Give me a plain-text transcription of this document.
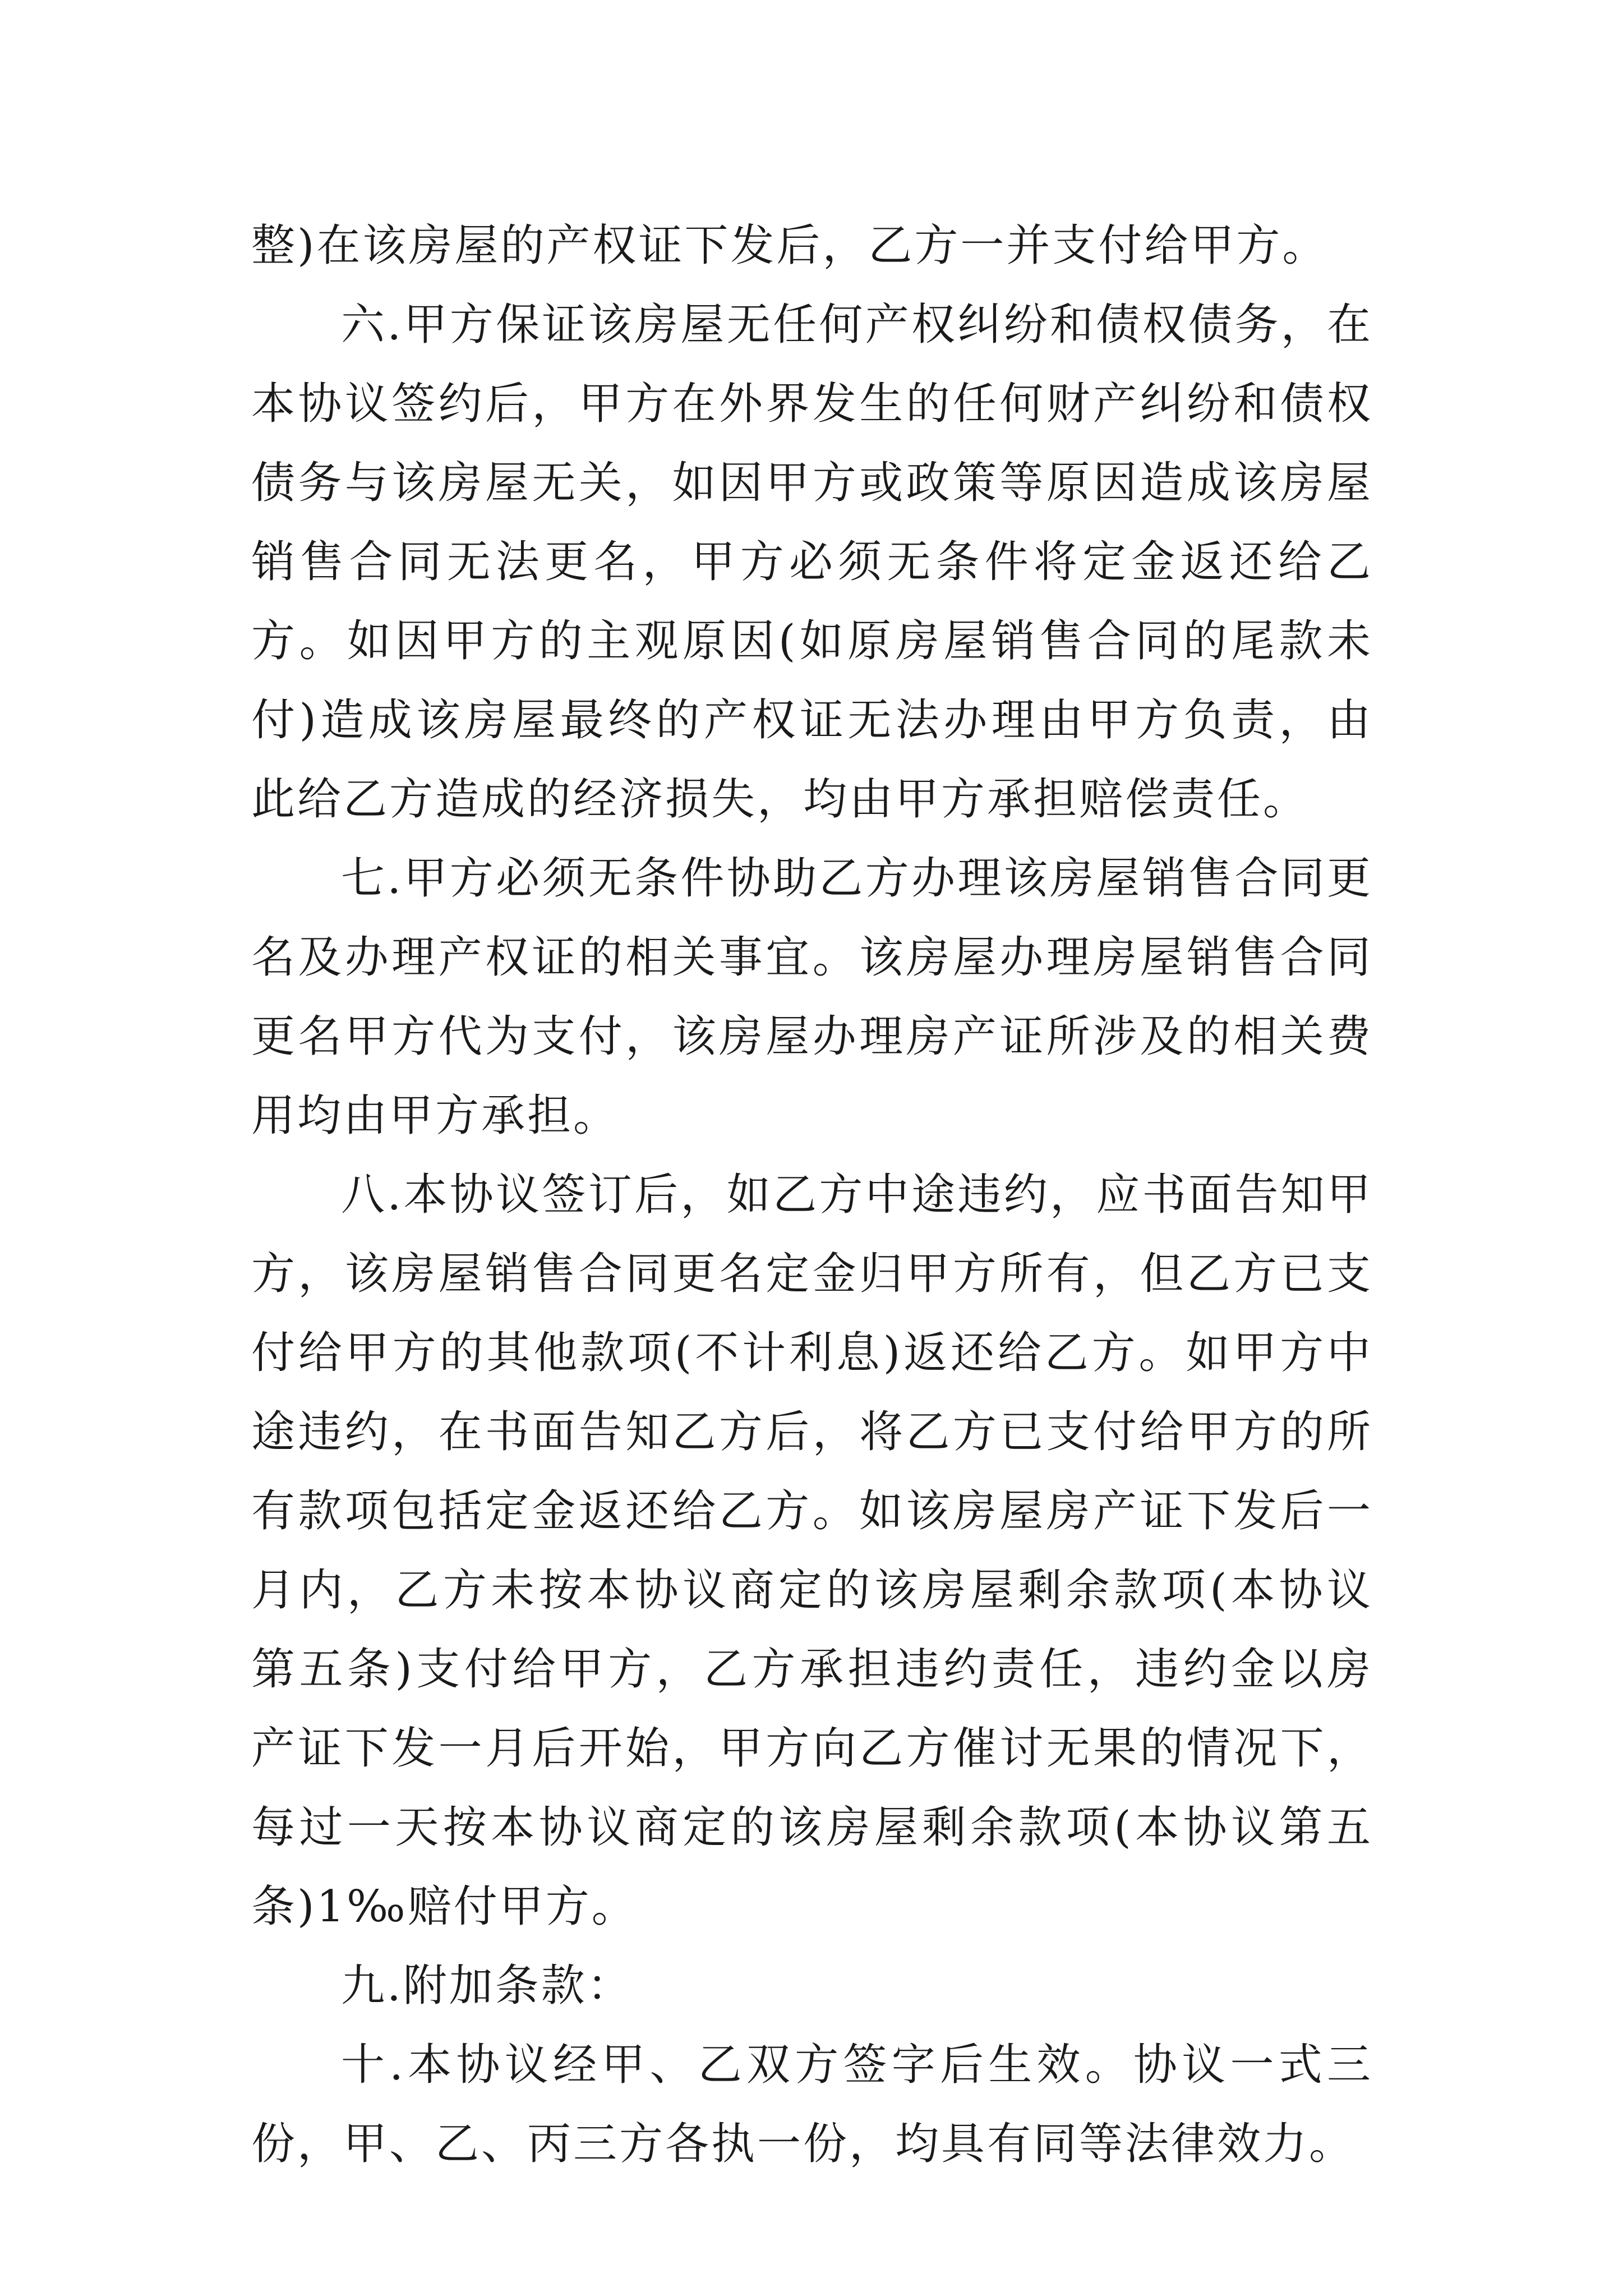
整)在该房屋的产权证下发后，乙方一并支付给甲方。

六.甲方保证该房屋无任何产权纠纷和债权债务，在本协议签约后，甲方在外界发生的任何财产纠纷和债权债务与该房屋无关，如因甲方或政策等原因造成该房屋销售合同无法更名，甲方必须无条件将定金返还给乙方。如因甲方的主观原因(如原房屋销售合同的尾款未付)造成该房屋最终的产权证无法办理由甲方负责，由此给乙方造成的经济损失，均由甲方承担赔偿责任。

七.甲方必须无条件协助乙方办理该房屋销售合同更名及办理产权证的相关事宜。该房屋办理房屋销售合同更名甲方代为支付，该房屋办理房产证所涉及的相关费用均由甲方承担。

八.本协议签订后，如乙方中途违约，应书面告知甲方，该房屋销售合同更名定金归甲方所有，但乙方已支付给甲方的其他款项(不计利息)返还给乙方。如甲方中途违约，在书面告知乙方后，将乙方已支付给甲方的所有款项包括定金返还给乙方。如该房屋房产证下发后一月内，乙方未按本协议商定的该房屋剩余款项(本协议第五条)支付给甲方，乙方承担违约责任，违约金以房产证下发一月后开始，甲方向乙方催讨无果的情况下，每过一天按本协议商定的该房屋剩余款项(本协议第五条)1‰赔付甲方。

九.附加条款：

十.本协议经甲、乙双方签字后生效。协议一式三份，甲、乙、丙三方各执一份，均具有同等法律效力。
